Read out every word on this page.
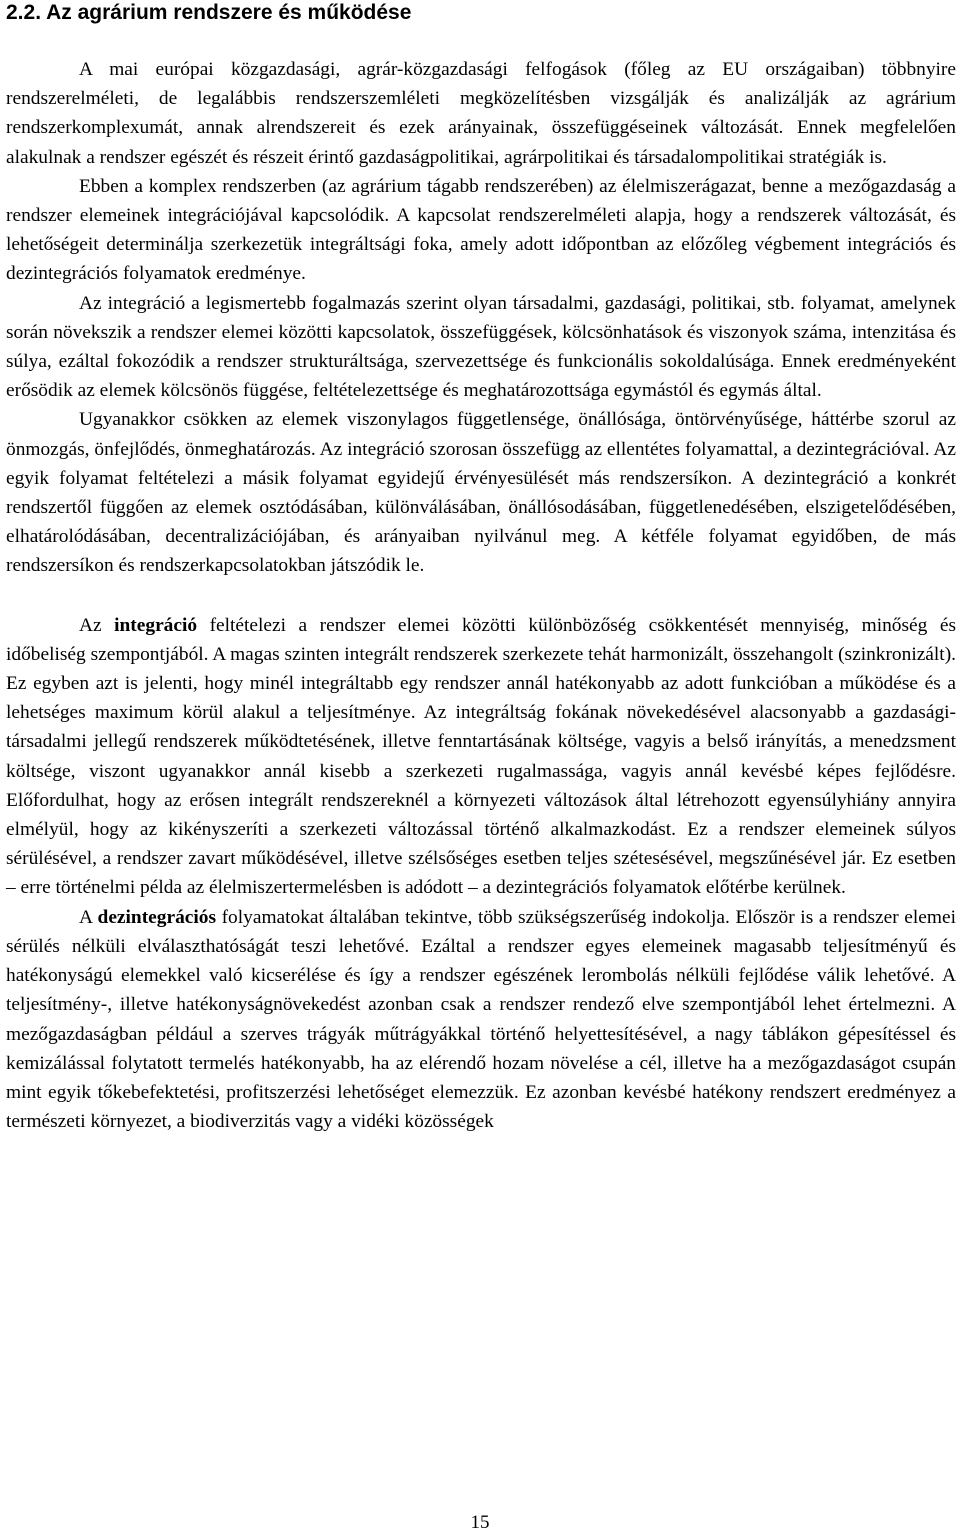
2.2. Az agrárium rendszere és működése

A mai európai közgazdasági, agrár-közgazdasági felfogások (főleg az EU országaiban) többnyire rendszerelméleti, de legalábbis rendszerszemléleti megközelítésben vizsgálják és analizálják az agrárium rendszerkomplexumát, annak alrendszereit és ezek arányainak, összefüggéseinek változását. Ennek megfelelően alakulnak a rendszer egészét és részeit érintő gazdaságpolitikai, agrárpolitikai és társadalompolitikai stratégiák is.

Ebben a komplex rendszerben (az agrárium tágabb rendszerében) az élelmiszerágazat, benne a mezőgazdaság a rendszer elemeinek integrációjával kapcsolódik. A kapcsolat rendszerelméleti alapja, hogy a rendszerek változását, és lehetőségeit determinálja szerkezetük integráltsági foka, amely adott időpontban az előzőleg végbement integrációs és dezintegrációs folyamatok eredménye.

Az integráció a legismertebb fogalmazás szerint olyan társadalmi, gazdasági, politikai, stb. folyamat, amelynek során növekszik a rendszer elemei közötti kapcsolatok, összefüggések, kölcsönhatások és viszonyok száma, intenzitása és súlya, ezáltal fokozódik a rendszer strukturáltsága, szervezettsége és funkcionális sokoldalúsága. Ennek eredményeként erősödik az elemek kölcsönös függése, feltételezettsége és meghatározottsága egymástól és egymás által.

Ugyanakkor csökken az elemek viszonylagos függetlensége, önállósága, öntörvényűsége, háttérbe szorul az önmozgás, önfejlődés, önmeghatározás. Az integráció szorosan összefügg az ellentétes folyamattal, a dezintegrációval. Az egyik folyamat feltételezi a másik folyamat egyidejű érvényesülését más rendszersíkon. A dezintegráció a konkrét rendszertől függően az elemek osztódásában, különválásában, önállósodásában, függetlenedésében, elszigetelődésében, elhatárolódásában, decentralizációjában, és arányaiban nyilvánul meg. A kétféle folyamat egyidőben, de más rendszersíkon és rendszerkapcsolatokban játszódik le.

Az integráció feltételezi a rendszer elemei közötti különbözőség csökkentését mennyiség, minőség és időbeliség szempontjából. A magas szinten integrált rendszerek szerkezete tehát harmonizált, összehangolt (szinkronizált). Ez egyben azt is jelenti, hogy minél integráltabb egy rendszer annál hatékonyabb az adott funkcióban a működése és a lehetséges maximum körül alakul a teljesítménye. Az integráltság fokának növekedésével alacsonyabb a gazdasági-társadalmi jellegű rendszerek működtetésének, illetve fenntartásának költsége, vagyis a belső irányítás, a menedzsment költsége, viszont ugyanakkor annál kisebb a szerkezeti rugalmassága, vagyis annál kevésbé képes fejlődésre. Előfordulhat, hogy az erősen integrált rendszereknél a környezeti változások által létrehozott egyensúlyhiány annyira elmélyül, hogy az kikényszeríti a szerkezeti változással történő alkalmazkodást. Ez a rendszer elemeinek súlyos sérülésével, a rendszer zavart működésével, illetve szélsőséges esetben teljes szétesésével, megszűnésével jár. Ez esetben – erre történelmi példa az élelmiszertermelésben is adódott – a dezintegrációs folyamatok előtérbe kerülnek.

A dezintegrációs folyamatokat általában tekintve, több szükségszerűség indokolja. Először is a rendszer elemei sérülés nélküli elválaszthatóságát teszi lehetővé. Ezáltal a rendszer egyes elemeinek magasabb teljesítményű és hatékonyságú elemekkel való kicserélése és így a rendszer egészének lerombolás nélküli fejlődése válik lehetővé. A teljesítmény-, illetve hatékonyságnövekedést azonban csak a rendszer rendező elve szempontjából lehet értelmezni. A mezőgazdaságban például a szerves trágyák műtrágyákkal történő helyettesítésével, a nagy táblákon gépesítéssel és kemizálással folytatott termelés hatékonyabb, ha az elérendő hozam növelése a cél, illetve ha a mezőgazdaságot csupán mint egyik tőkebefektetési, profitszerzési lehetőséget elemezzük. Ez azonban kevésbé hatékony rendszert eredményez a természeti környezet, a biodiverzitás vagy a vidéki közösségek

15
